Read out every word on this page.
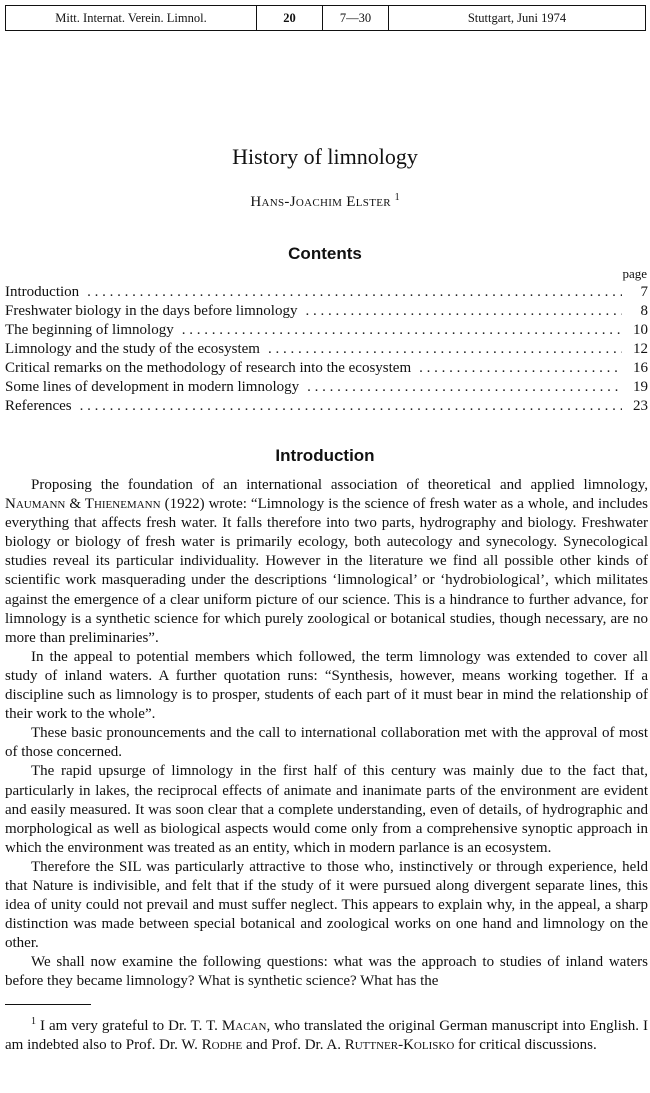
Mitt. Internat. Verein. Limnol.	20	7—30	Stuttgart, Juni 1974
History of limnology
Hans-Joachim Elster $^1$
Contents
page
Introduction . . .	7
Freshwater biology in the days before limnology . . .	8
The beginning of limnology . . .	10
Limnology and the study of the ecosystem . . .	12
Critical remarks on the methodology of research into the ecosystem . . .	16
Some lines of development in modern limnology . . .	19
References . . .	23
Introduction

Proposing the foundation of an international association of theoretical and applied limnology, Naumann & Thienemann (1922) wrote: “Limnology is the science of fresh water as a whole, and includes everything that affects fresh water. It falls therefore into two parts, hydrography and biology. Freshwater biology or biology of fresh water is primarily ecology, both autecology and synecology. Synecological studies reveal its particular individuality. However in the literature we find all possible other kinds of scientific work masquerading under the descriptions ‘limnological’ or ‘hydrobiological’, which militates against the emergence of a clear uniform picture of our science. This is a hindrance to further advance, for limnology is a synthetic science for which purely zoological or botanical studies, though necessary, are no more than preliminaries”.

In the appeal to potential members which followed, the term limnology was extended to cover all study of inland waters. A further quotation runs: “Synthesis, however, means working together. If a discipline such as limnology is to prosper, students of each part of it must bear in mind the relationship of their work to the whole”.

These basic pronouncements and the call to international collaboration met with the approval of most of those concerned.

The rapid upsurge of limnology in the first half of this century was mainly due to the fact that, particularly in lakes, the reciprocal effects of animate and inanimate parts of the environment are evident and easily measured. It was soon clear that a complete understanding, even of details, of hydrographic and morphological as well as biological aspects would come only from a comprehensive synoptic approach in which the environment was treated as an entity, which in modern parlance is an ecosystem.

Therefore the SIL was particularly attractive to those who, instinctively or through experience, held that Nature is indivisible, and felt that if the study of it were pursued along divergent separate lines, this idea of unity could not prevail and must suffer neglect. This appears to explain why, in the appeal, a sharp distinction was made between special botanical and zoological works on one hand and limnology on the other.

We shall now examine the following questions: what was the approach to studies of inland waters before they became limnology? What is synthetic science? What has the

$^1$ I am very grateful to Dr. T. T. Macan, who translated the original German manuscript into English. I am indebted also to Prof. Dr. W. Rodhe and Prof. Dr. A. Ruttner-Kolisko for critical discussions.
